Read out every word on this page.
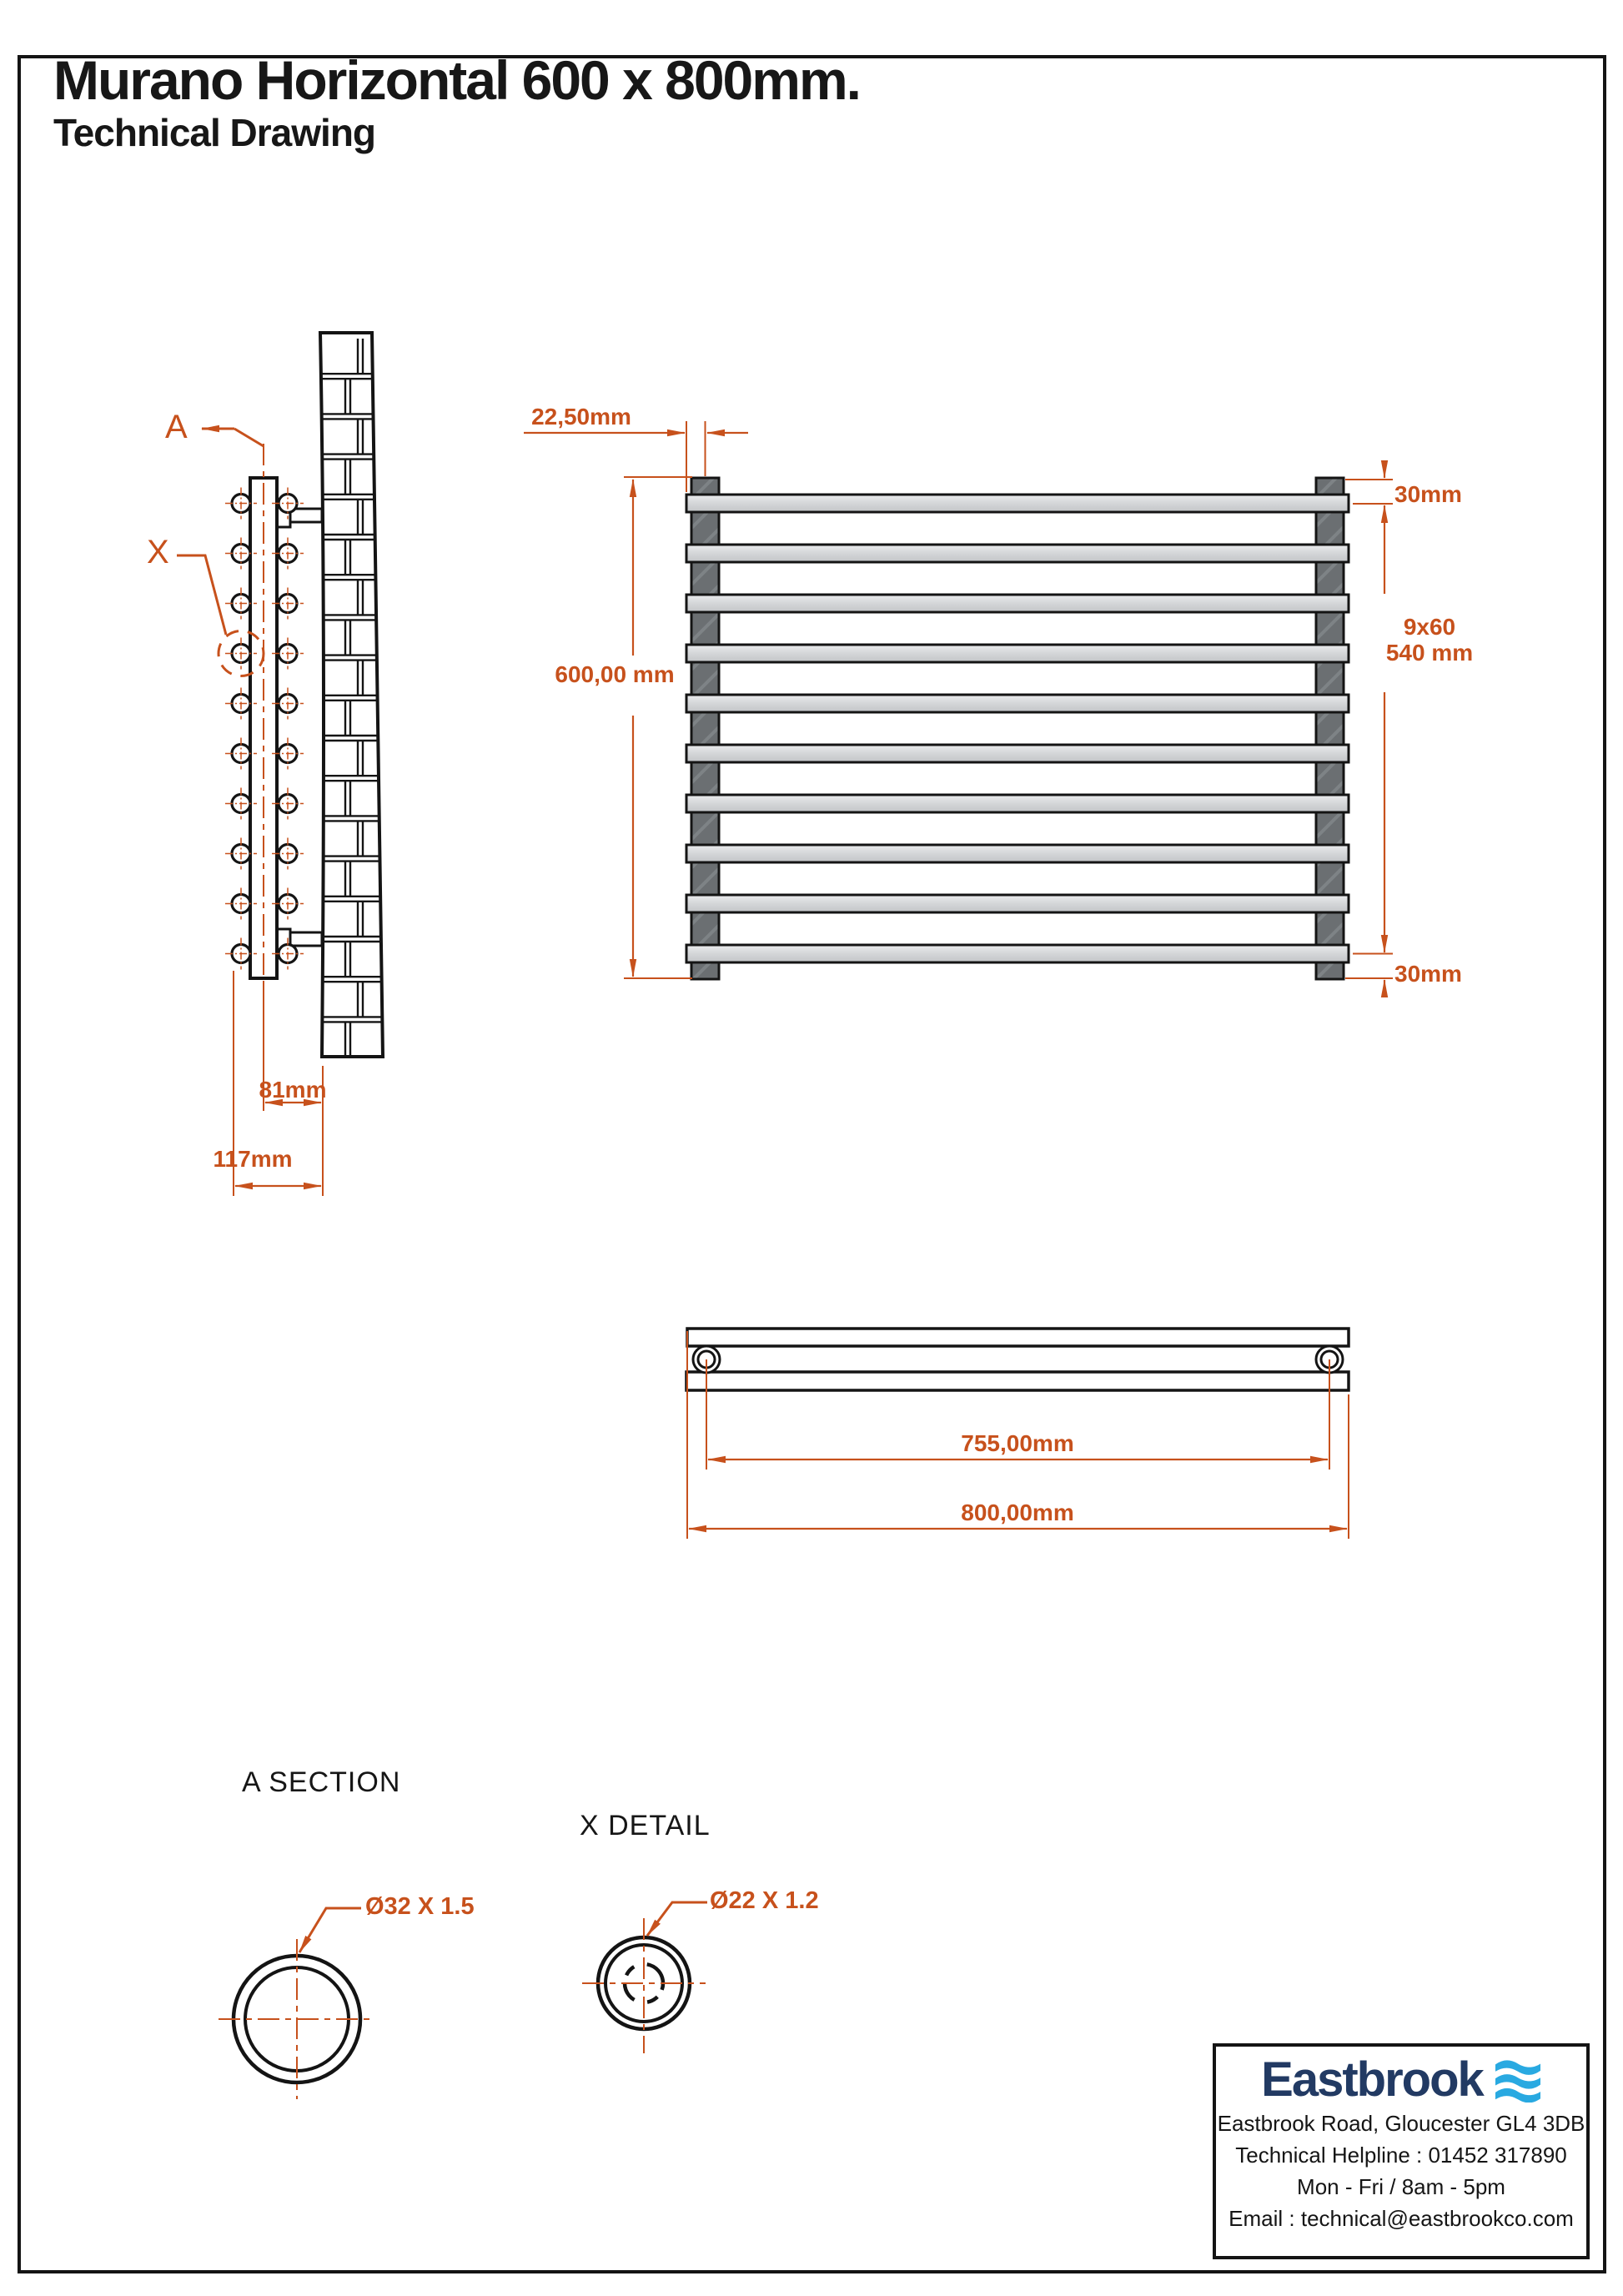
Murano Horizontal 600 x 800mm.
Technical Drawing
A
X
22,50mm
600,00 mm
30mm
9x60
540 mm
30mm
81mm
117mm
755,00mm
800,00mm
A SECTION
X DETAIL
Ø32 X 1.5	Ø22 X 1.2
Eastbrook
Eastbrook Road, Gloucester GL4 3DB
Technical Helpline : 01452 317890
Mon - Fri / 8am - 5pm
Email : technical@eastbrookco.com
